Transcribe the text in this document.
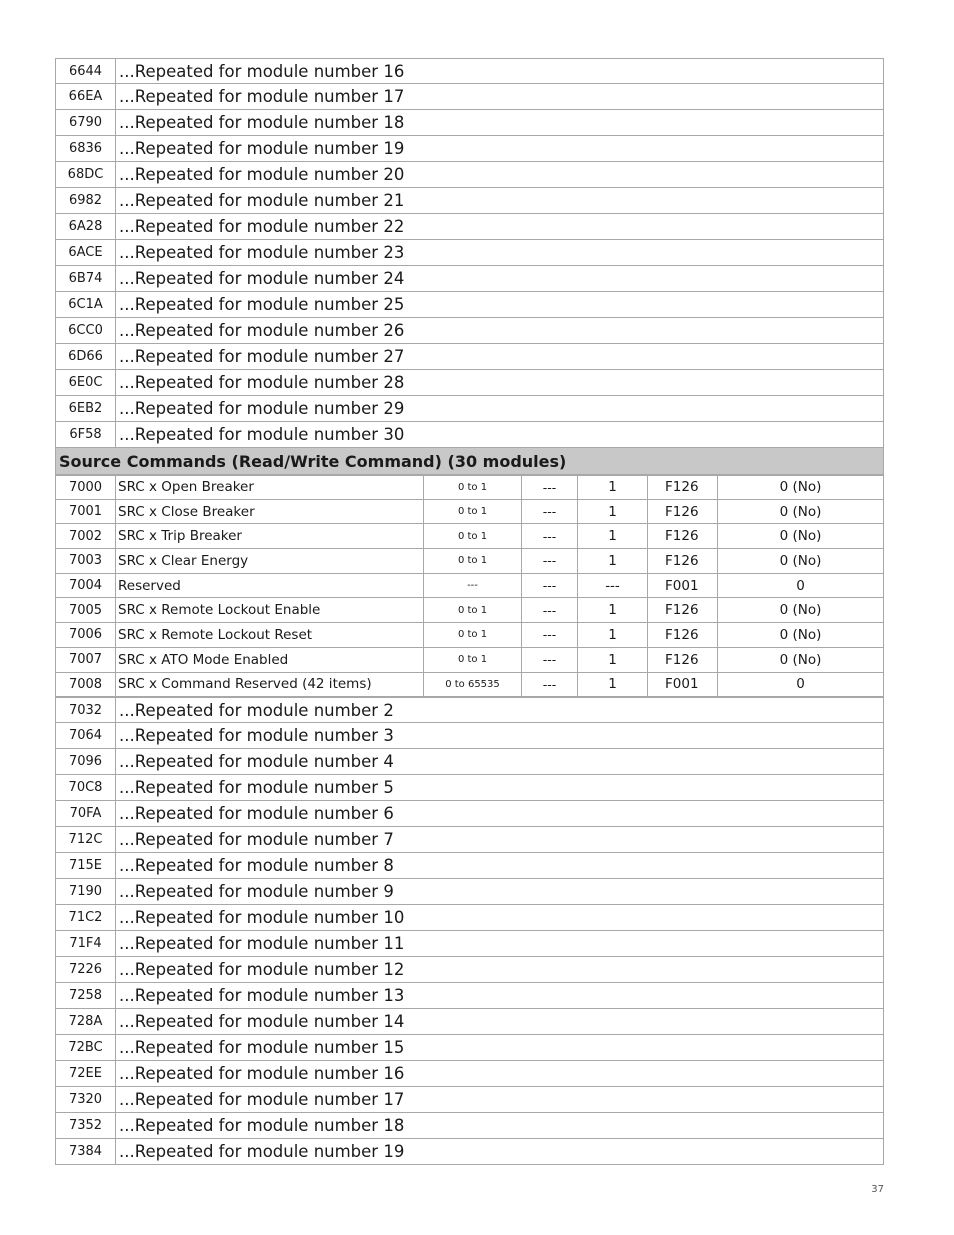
6644	...Repeated for module number 16
66EA	...Repeated for module number 17
6790	...Repeated for module number 18
6836	...Repeated for module number 19
68DC ...Repeated for module number 20
6982	...Repeated for module number 21
6A28	...Repeated for module number 22
6ACE ...Repeated for module number 23
6B74	...Repeated for module number 24
6C1A ...Repeated for module number 25
6CC0 ...Repeated for module number 26
6D66 ...Repeated for module number 27
6E0C	...Repeated for module number 28
6EB2	...Repeated for module number 29
6F58	...Repeated for module number 30
Source Commands (Read/Write Command) (30 modules)
7000	SRC x Open Breaker	0 to 1	---	1	F126	0 (No)
7001	SRC x Close Breaker	0 to 1	---	1	F126	0 (No)
7002	SRC x Trip Breaker	0 to 1	---	1	F126	0 (No)
7003	SRC x Clear Energy	0 to 1	---	1	F126	0 (No)
7004	Reserved	---	---	---	F001	0
7005	SRC x Remote Lockout Enable	0 to 1	---	1	F126	0 (No)
7006	SRC x Remote Lockout Reset	0 to 1	---	1	F126	0 (No)
7007	SRC x ATO Mode Enabled	0 to 1	---	1	F126	0 (No)
7008	SRC x Command Reserved (42 items)	0 to 65535	---	1	F001	0
7032	...Repeated for module number 2
7064	...Repeated for module number 3
7096	...Repeated for module number 4
70C8	...Repeated for module number 5
70FA	...Repeated for module number 6
712C	...Repeated for module number 7
715E	...Repeated for module number 8
7190	...Repeated for module number 9
71C2	...Repeated for module number 10
71F4	...Repeated for module number 11
7226	...Repeated for module number 12
7258	...Repeated for module number 13
728A	...Repeated for module number 14
72BC ...Repeated for module number 15
72EE	...Repeated for module number 16
7320	...Repeated for module number 17
7352	...Repeated for module number 18
7384	...Repeated for module number 19
37
